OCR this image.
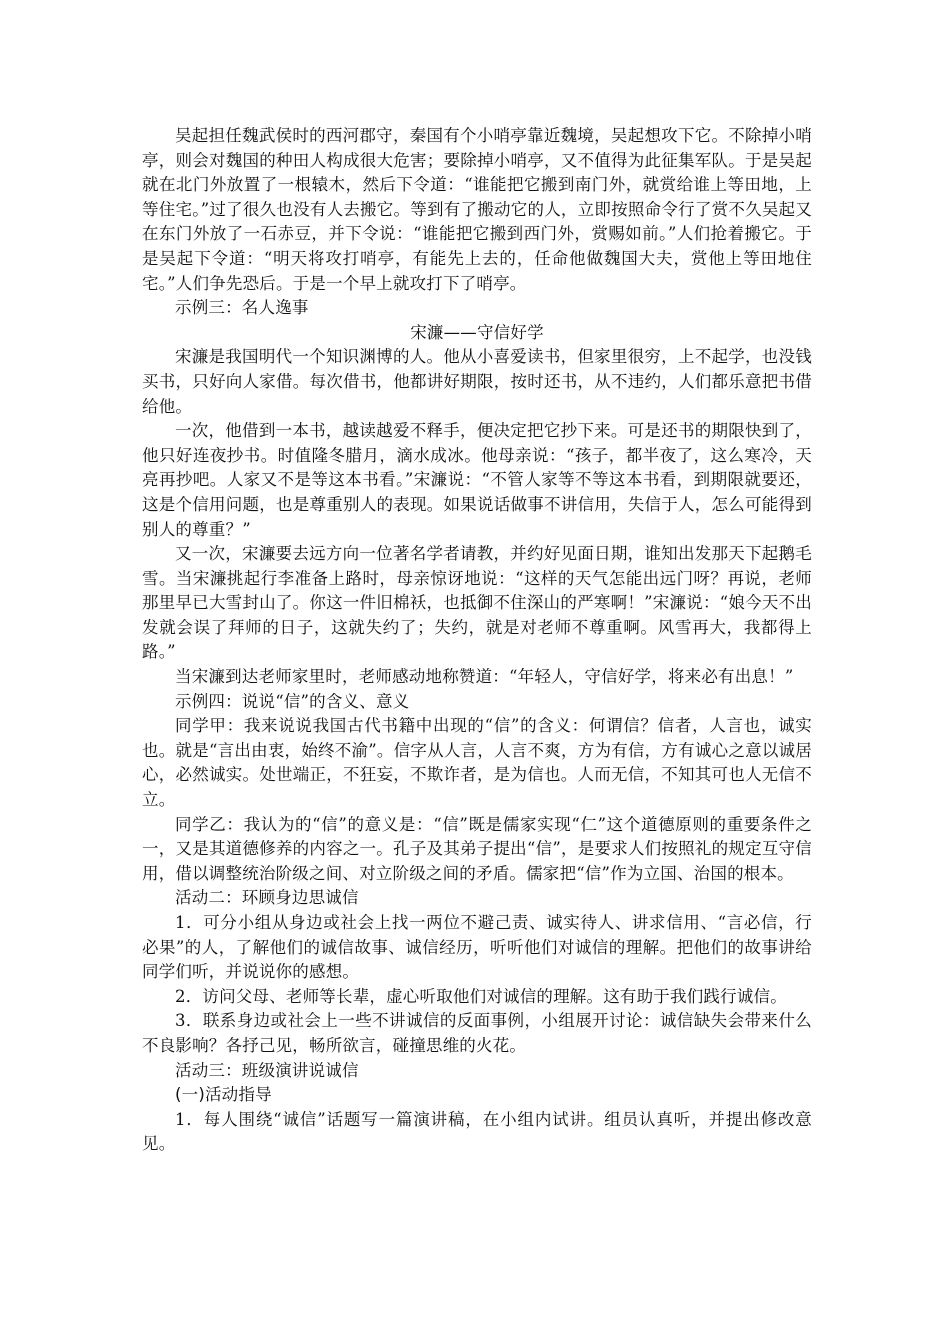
吴起担任魏武侯时的西河郡守，秦国有个小哨亭靠近魏境，吴起想攻下它。不除掉小哨亭，则会对魏国的种田人构成很大危害；要除掉小哨亭，又不值得为此征集军队。于是吴起就在北门外放置了一根辕木，然后下令道：“谁能把它搬到南门外，就赏给谁上等田地，上等住宅。”过了很久也没有人去搬它。等到有了搬动它的人，立即按照命令行了赏不久吴起又在东门外放了一石赤豆，并下令说：“谁能把它搬到西门外，赏赐如前。”人们抢着搬它。于是吴起下令道：“明天将攻打哨亭，有能先上去的，任命他做魏国大夫，赏他上等田地住宅。”人们争先恐后。于是一个早上就攻打下了哨亭。

示例三：名人逸事

宋濂——守信好学

宋濂是我国明代一个知识渊博的人。他从小喜爱读书，但家里很穷，上不起学，也没钱买书，只好向人家借。每次借书，他都讲好期限，按时还书，从不违约，人们都乐意把书借给他。

一次，他借到一本书，越读越爱不释手，便决定把它抄下来。可是还书的期限快到了，他只好连夜抄书。时值隆冬腊月，滴水成冰。他母亲说：“孩子，都半夜了，这么寒冷，天亮再抄吧。人家又不是等这本书看。”宋濂说：“不管人家等不等这本书看，到期限就要还，这是个信用问题，也是尊重别人的表现。如果说话做事不讲信用，失信于人，怎么可能得到别人的尊重？”

又一次，宋濂要去远方向一位著名学者请教，并约好见面日期，谁知出发那天下起鹅毛雪。当宋濂挑起行李准备上路时，母亲惊讶地说：“这样的天气怎能出远门呀？再说，老师那里早已大雪封山了。你这一件旧棉袄，也抵御不住深山的严寒啊！”宋濂说：“娘今天不出发就会误了拜师的日子，这就失约了；失约，就是对老师不尊重啊。风雪再大，我都得上路。”

当宋濂到达老师家里时，老师感动地称赞道：“年轻人，守信好学，将来必有出息！”

示例四：说说“信”的含义、意义

同学甲：我来说说我国古代书籍中出现的“信”的含义：何谓信？信者，人言也，诚实也。就是“言出由衷，始终不渝”。信字从人言，人言不爽，方为有信，方有诚心之意以诚居心，必然诚实。处世端正，不狂妄，不欺诈者，是为信也。人而无信，不知其可也人无信不立。

同学乙：我认为的“信”的意义是：“信”既是儒家实现“仁”这个道德原则的重要条件之一，又是其道德修养的内容之一。孔子及其弟子提出“信”，是要求人们按照礼的规定互守信用，借以调整统治阶级之间、对立阶级之间的矛盾。儒家把“信”作为立国、治国的根本。

活动二：环顾身边思诚信

1．可分小组从身边或社会上找一两位不避己责、诚实待人、讲求信用、“言必信，行必果”的人，了解他们的诚信故事、诚信经历，听听他们对诚信的理解。把他们的故事讲给同学们听，并说说你的感想。

2．访问父母、老师等长辈，虚心听取他们对诚信的理解。这有助于我们践行诚信。

3．联系身边或社会上一些不讲诚信的反面事例，小组展开讨论：诚信缺失会带来什么不良影响？各抒己见，畅所欲言，碰撞思维的火花。

活动三：班级演讲说诚信

(一)活动指导

1．每人围绕“诚信”话题写一篇演讲稿，在小组内试讲。组员认真听，并提出修改意见。
